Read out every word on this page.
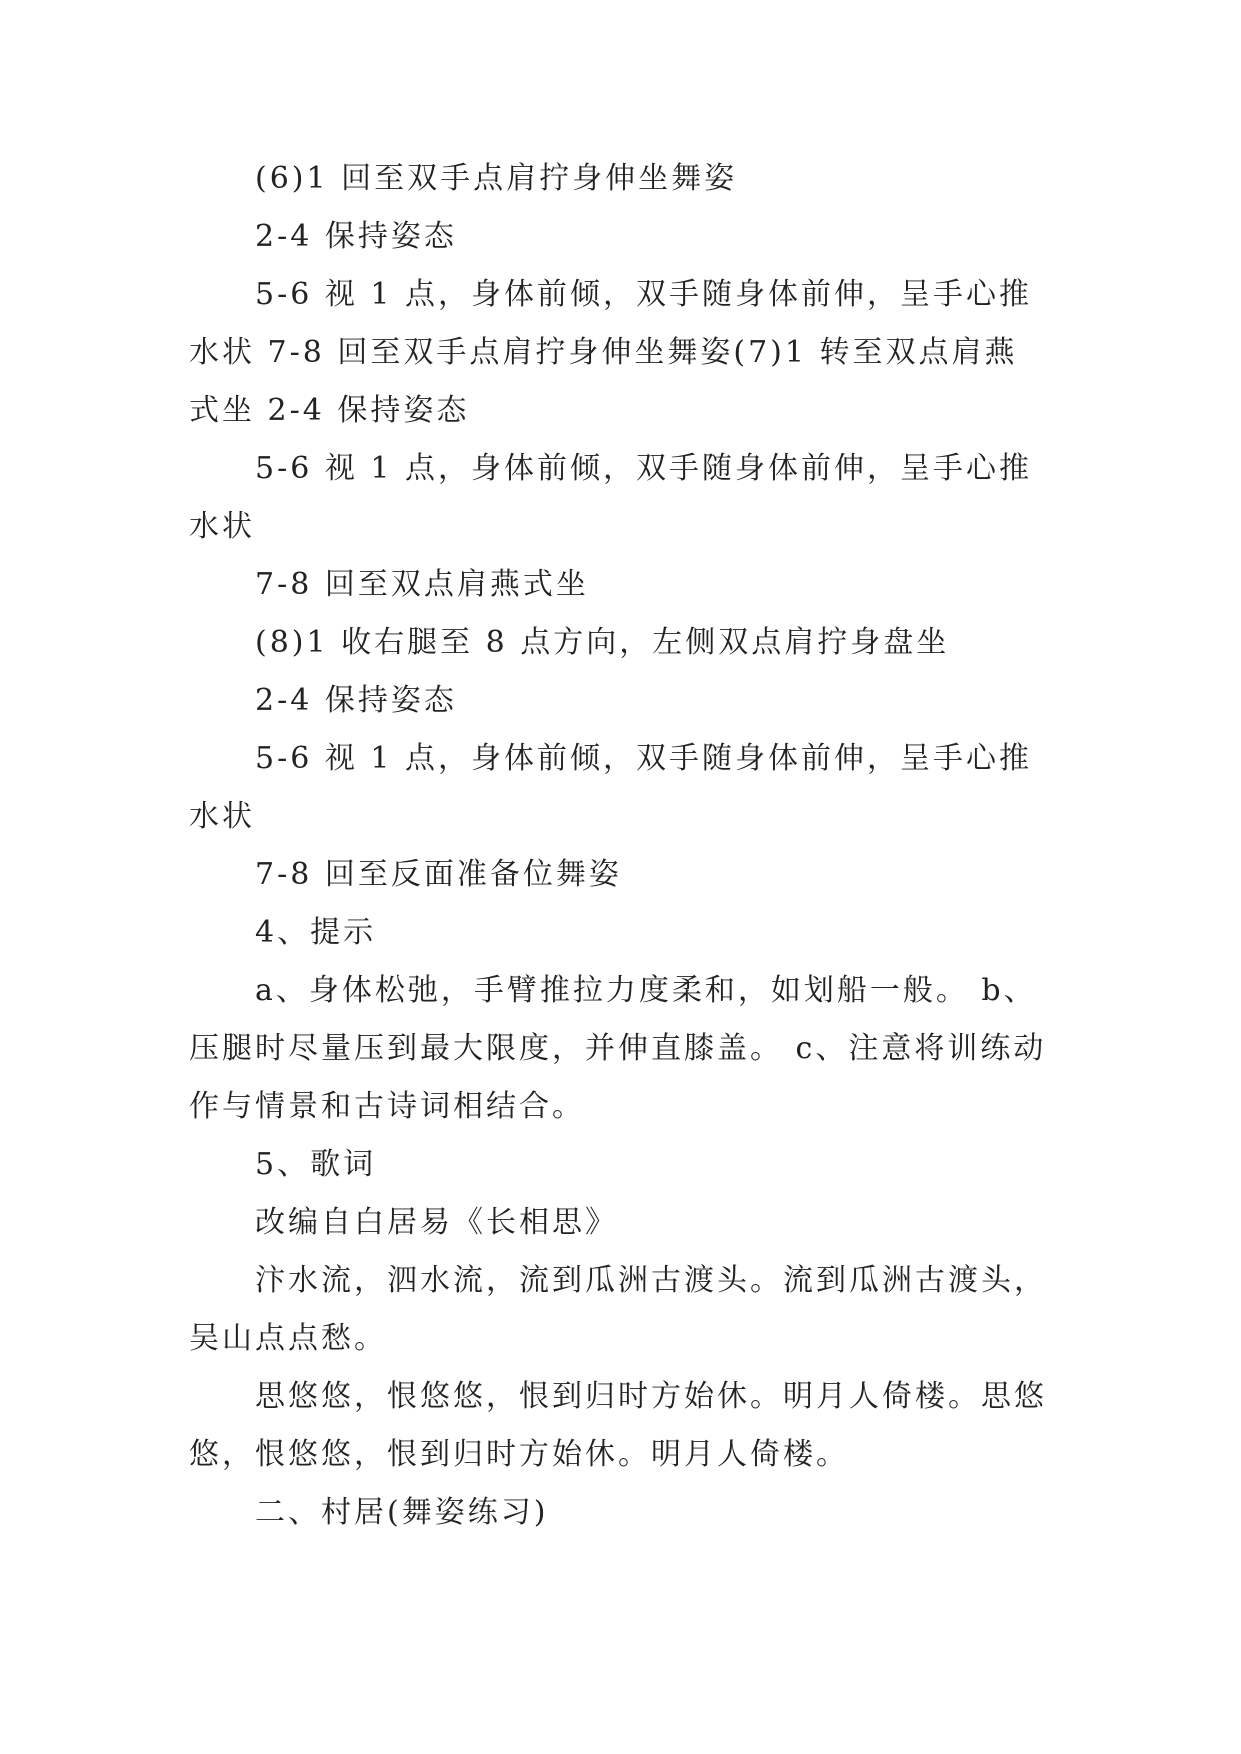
(6)1 回至双手点肩拧身伸坐舞姿

2-4 保持姿态

5-6 视 1 点，身体前倾，双手随身体前伸，呈手心推水状 7-8 回至双手点肩拧身伸坐舞姿(7)1 转至双点肩燕式坐 2-4 保持姿态

5-6 视 1 点，身体前倾，双手随身体前伸，呈手心推水状

7-8 回至双点肩燕式坐

(8)1 收右腿至 8 点方向，左侧双点肩拧身盘坐

2-4 保持姿态

5-6 视 1 点，身体前倾，双手随身体前伸，呈手心推水状

7-8 回至反面准备位舞姿

4、提示

a、身体松弛，手臂推拉力度柔和，如划船一般。 b、压腿时尽量压到最大限度，并伸直膝盖。 c、注意将训练动作与情景和古诗词相结合。

5、歌词

改编自白居易《长相思》

汴水流，泗水流，流到瓜洲古渡头。流到瓜洲古渡头，吴山点点愁。

思悠悠，恨悠悠，恨到归时方始休。明月人倚楼。思悠悠，恨悠悠，恨到归时方始休。明月人倚楼。

二、村居(舞姿练习)
